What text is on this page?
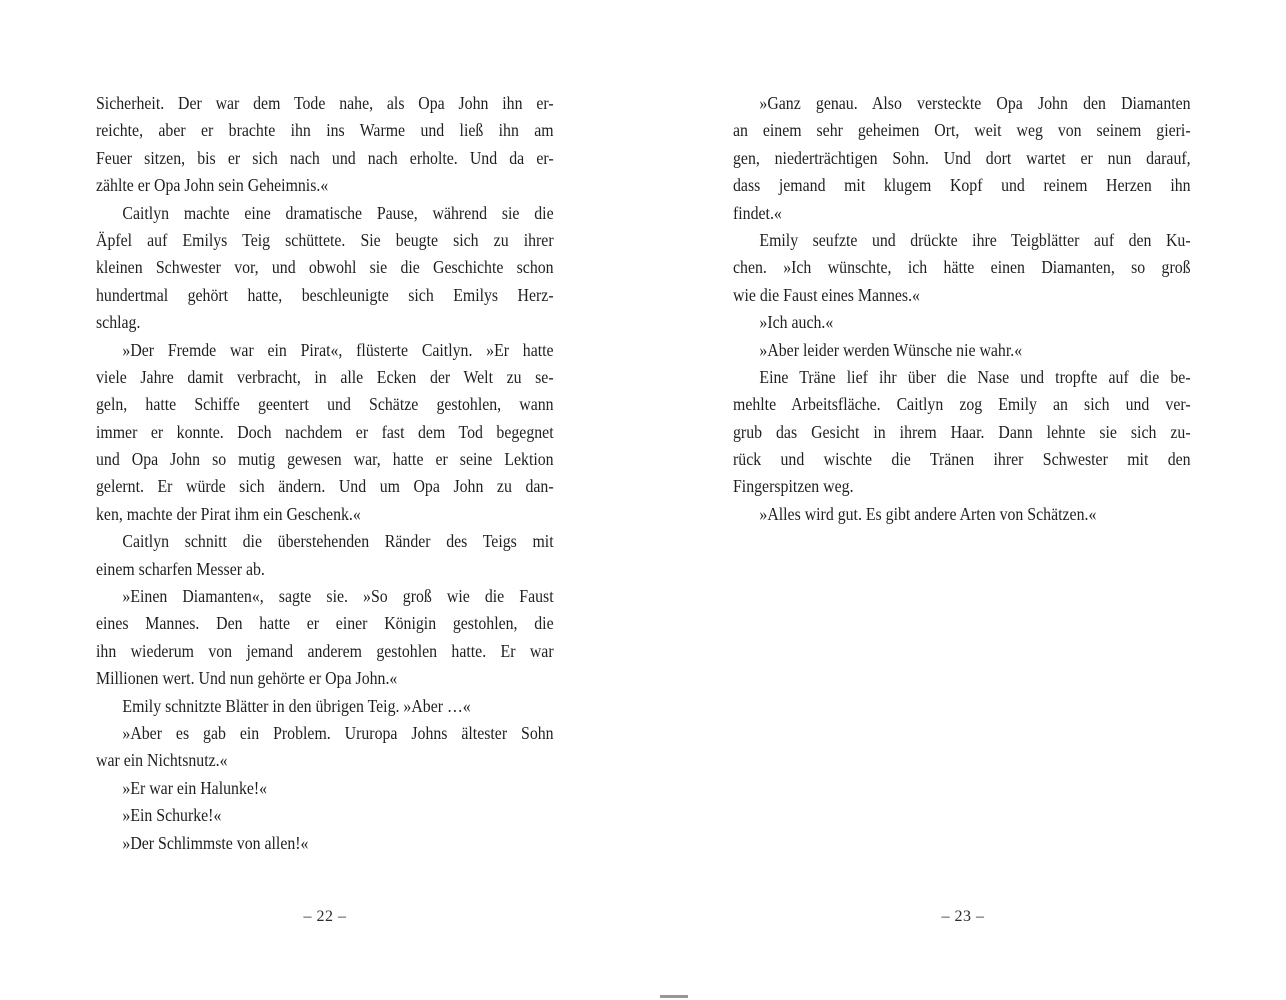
Sicherheit. Der war dem Tode nahe, als Opa John ihn er-
reichte, aber er brachte ihn ins Warme und ließ ihn am
Feuer sitzen, bis er sich nach und nach erholte. Und da er-
zählte er Opa John sein Geheimnis.«
Caitlyn machte eine dramatische Pause, während sie die
Äpfel auf Emilys Teig schüttete. Sie beugte sich zu ihrer
kleinen Schwester vor, und obwohl sie die Geschichte schon
hundertmal gehört hatte, beschleunigte sich Emilys Herz-
schlag.
»Der Fremde war ein Pirat«, flüsterte Caitlyn. »Er hatte
viele Jahre damit verbracht, in alle Ecken der Welt zu se-
geln, hatte Schiffe geentert und Schätze gestohlen, wann
immer er konnte. Doch nachdem er fast dem Tod begegnet
und Opa John so mutig gewesen war, hatte er seine Lektion
gelernt. Er würde sich ändern. Und um Opa John zu dan-
ken, machte der Pirat ihm ein Geschenk.«
Caitlyn schnitt die überstehenden Ränder des Teigs mit
einem scharfen Messer ab.
»Einen Diamanten«, sagte sie. »So groß wie die Faust
eines Mannes. Den hatte er einer Königin gestohlen, die
ihn wiederum von jemand anderem gestohlen hatte. Er war
Millionen wert. Und nun gehörte er Opa John.«
Emily schnitzte Blätter in den übrigen Teig. »Aber …«
»Aber es gab ein Problem. Ururopa Johns ältester Sohn
war ein Nichtsnutz.«
»Er war ein Halunke!«
»Ein Schurke!«
»Der Schlimmste von allen!«
»Ganz genau. Also versteckte Opa John den Diamanten
an einem sehr geheimen Ort, weit weg von seinem gieri-
gen, niederträchtigen Sohn. Und dort wartet er nun darauf,
dass jemand mit klugem Kopf und reinem Herzen ihn
findet.«
Emily seufzte und drückte ihre Teigblätter auf den Ku-
chen. »Ich wünschte, ich hätte einen Diamanten, so groß
wie die Faust eines Mannes.«
»Ich auch.«
»Aber leider werden Wünsche nie wahr.«
Eine Träne lief ihr über die Nase und tropfte auf die be-
mehlte Arbeitsfläche. Caitlyn zog Emily an sich und ver-
grub das Gesicht in ihrem Haar. Dann lehnte sie sich zu-
rück und wischte die Tränen ihrer Schwester mit den
Fingerspitzen weg.
»Alles wird gut. Es gibt andere Arten von Schätzen.«
– 22 –	– 23 –
